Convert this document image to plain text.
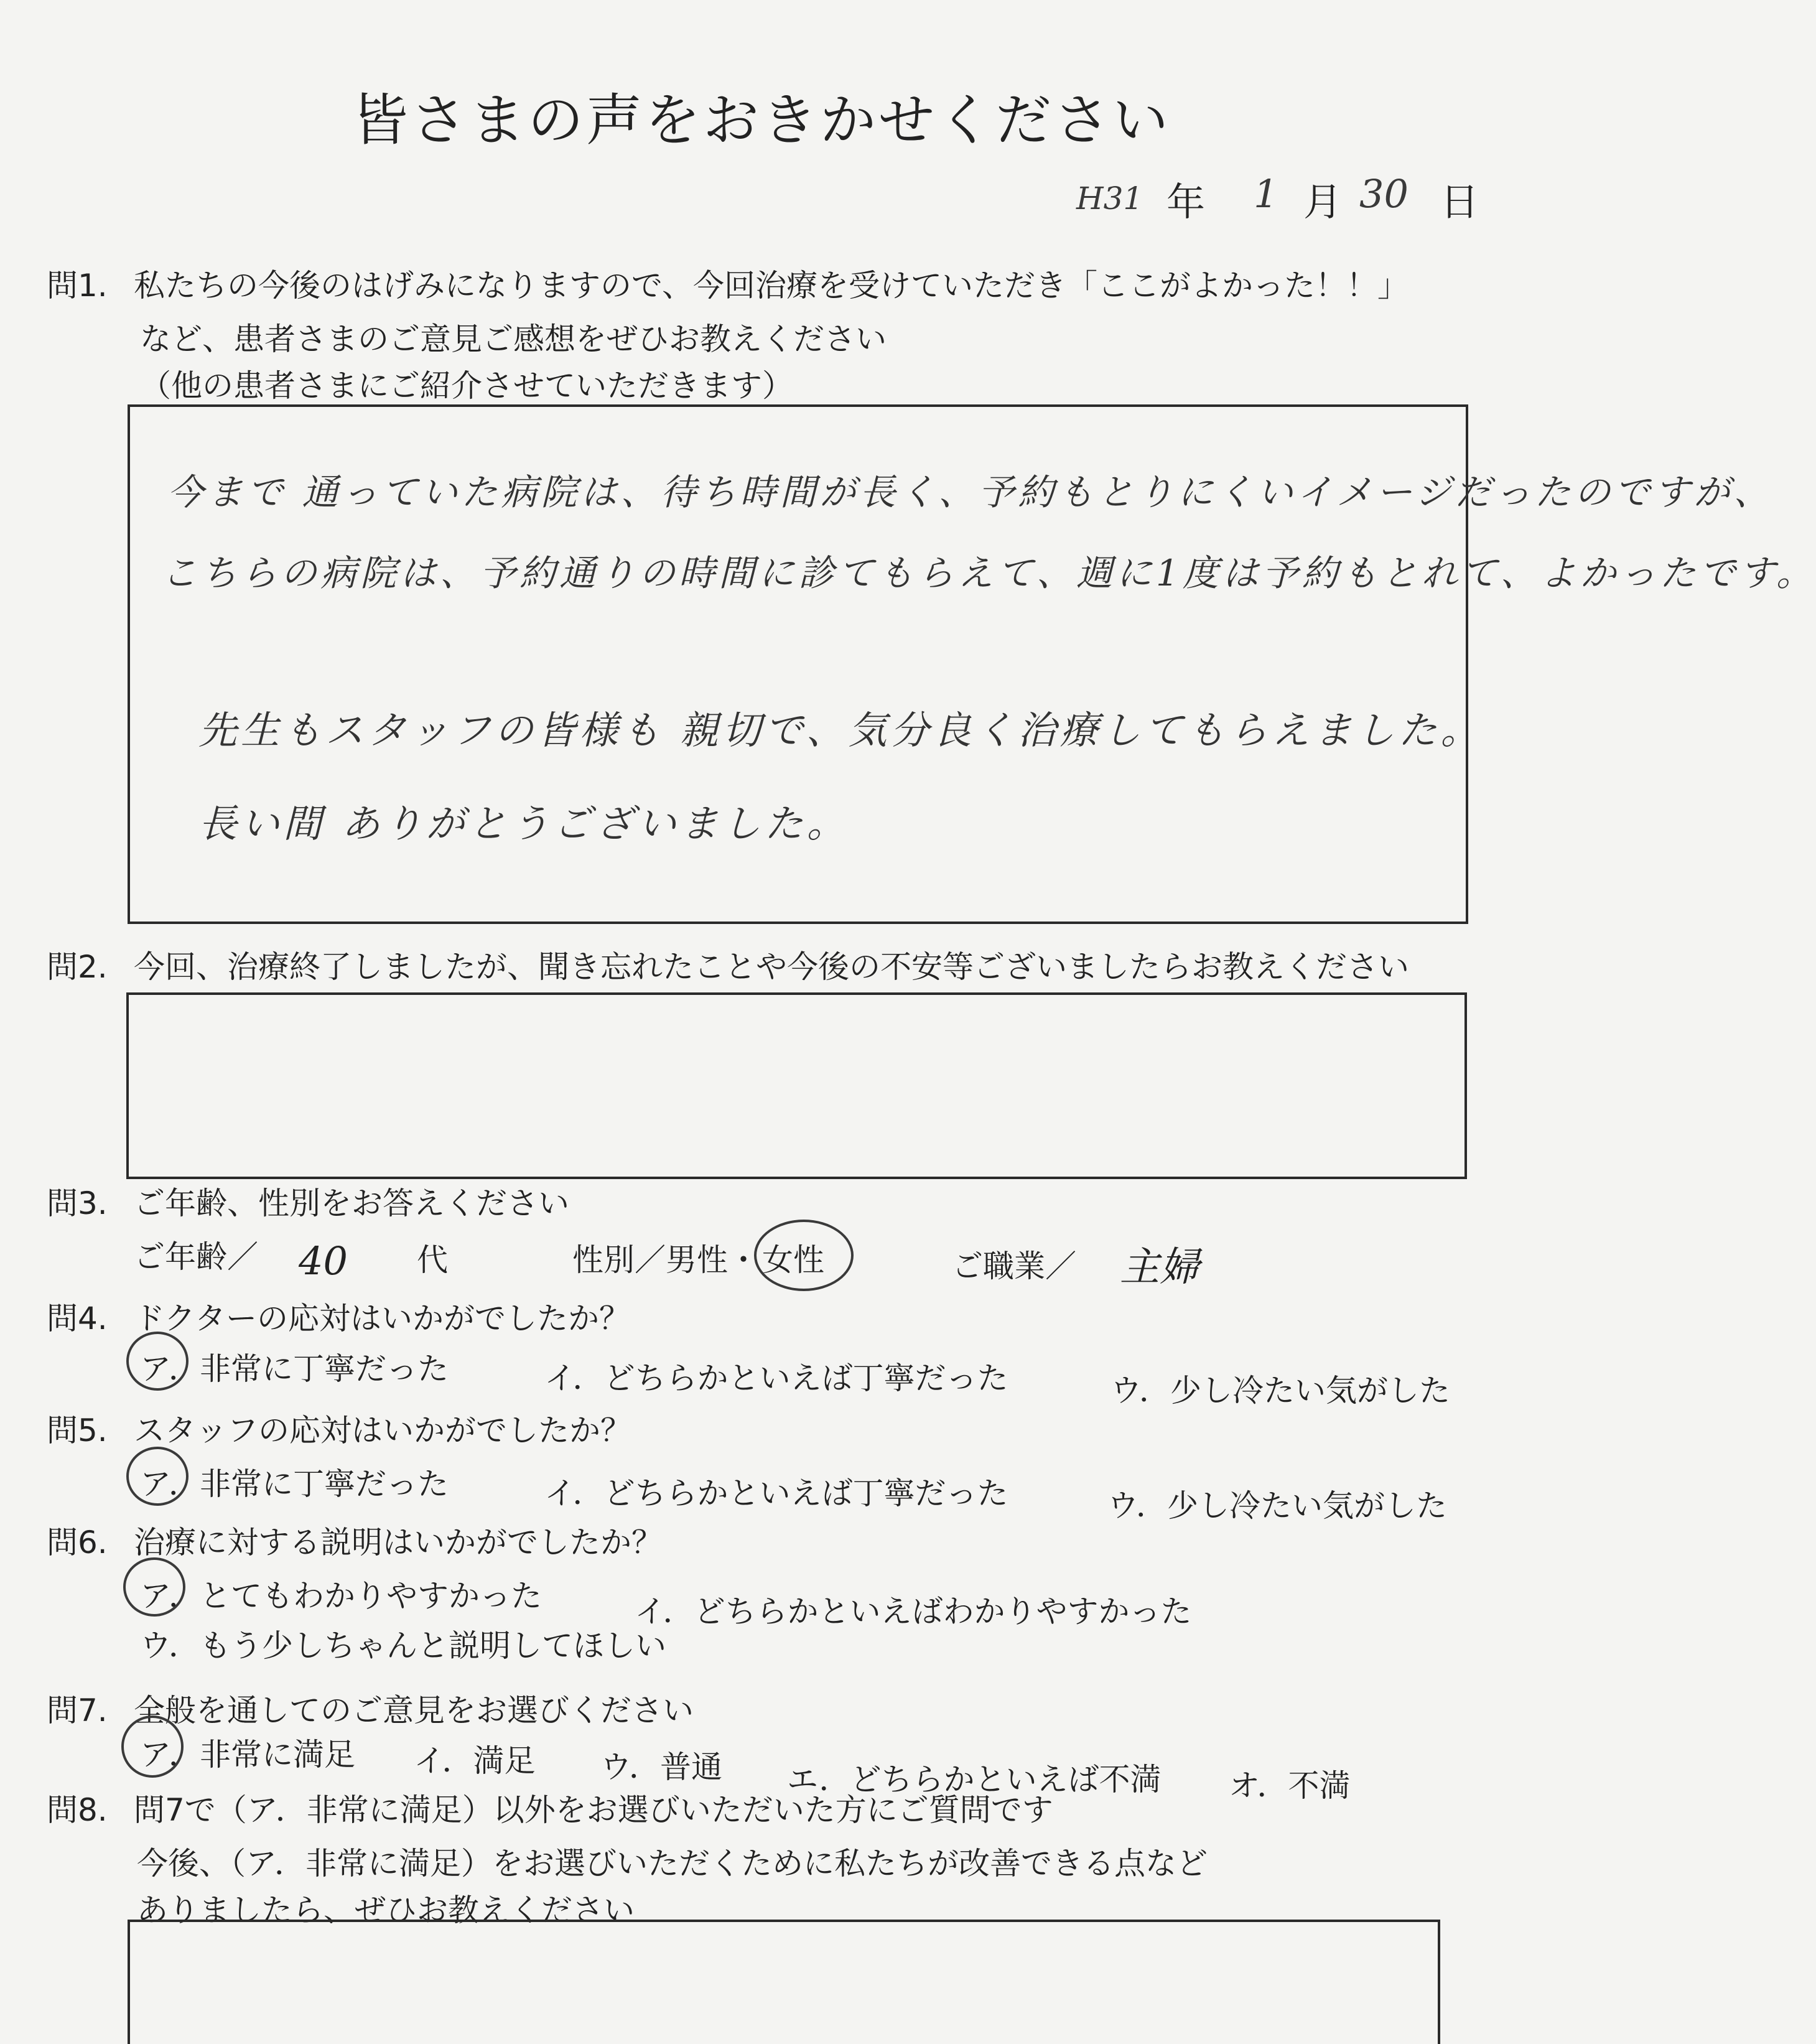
皆さまの声をおきかせください
H31 年 1 月 30 日
問1. 私たちの今後のはげみになりますので、今回治療を受けていただき「ここがよかった！！」
など、患者さまのご意見ご感想をぜひお教えください
（他の患者さまにご紹介させていただきます）
今まで 通っていた病院は、待ち時間が長く、予約もとりにくいイメージだったのですが、
こちらの病院は、予約通りの時間に診てもらえて、週に1度は予約もとれて、よかったです。
先生もスタッフの皆様も 親切で、気分良く治療してもらえました。
長い間 ありがとうございました。
問2. 今回、治療終了しましたが、聞き忘れたことや今後の不安等ございましたらお教えください
問3. ご年齢、性別をお答えください
ご年齢／ 40 代	性別／男性・ 女性	ご職業／ 主婦
問4. ドクターの応対はいかがでしたか？
ア．非常に丁寧だった	イ．どちらかといえば丁寧だった	ウ．少し冷たい気がした
問5. スタッフの応対はいかがでしたか？
ア．非常に丁寧だった	イ．どちらかといえば丁寧だった	ウ．少し冷たい気がした
問6. 治療に対する説明はいかがでしたか？
ア．とてもわかりやすかった	イ．どちらかといえばわかりやすかった
ウ．もう少しちゃんと説明してほしい
問7. 全般を通してのご意見をお選びください
ア．非常に満足 イ．満足 ウ．普通 エ．どちらかといえば不満 オ．不満
問8. 問7で（ア．非常に満足）以外をお選びいただいた方にご質問です
今後、（ア．非常に満足）をお選びいただくために私たちが改善できる点など
ありましたら、ぜひお教えください
